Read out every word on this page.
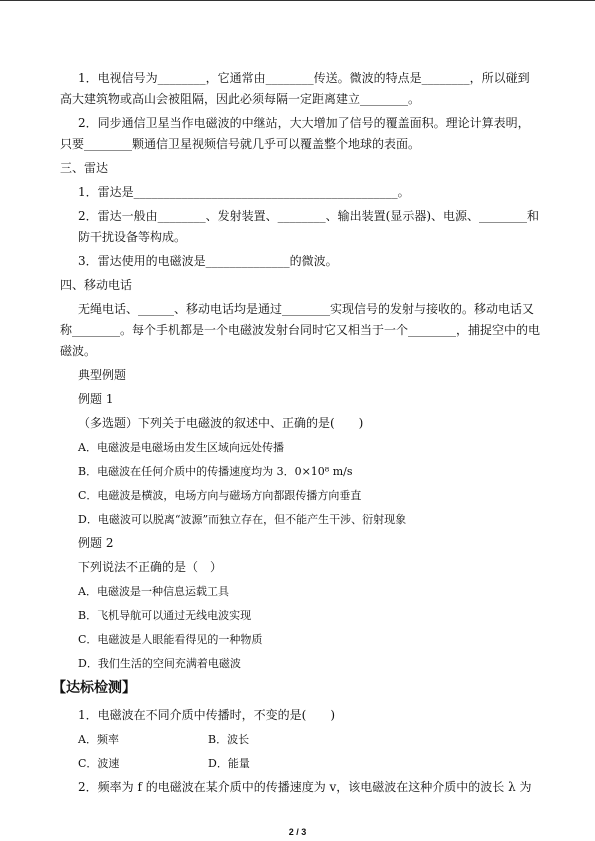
1．电视信号为________，它通常由________传送。微波的特点是________，所以碰到高大建筑物或高山会被阻隔，因此必须每隔一定距离建立________。
2．同步通信卫星当作电磁波的中继站，大大增加了信号的覆盖面积。理论计算表明，只要________颗通信卫星视频信号就几乎可以覆盖整个地球的表面。
三、雷达
1．雷达是____________________________________________。
2．雷达一般由________、发射装置、________、输出装置(显示器)、电源、________和防干扰设备等构成。
3．雷达使用的电磁波是______________的微波。
四、移动电话
无绳电话、______、移动电话均是通过________实现信号的发射与接收的。移动电话又称________。每个手机都是一个电磁波发射台同时它又相当于一个________，捕捉空中的电磁波。
典型例题
例题 1
（多选题）下列关于电磁波的叙述中、正确的是(　　)
A．电磁波是电磁场由发生区域向远处传播
B．电磁波在任何介质中的传播速度均为 3．0×10⁸ m/s
C．电磁波是横波，电场方向与磁场方向都跟传播方向垂直
D．电磁波可以脱离“波源”而独立存在，但不能产生干涉、衍射现象
例题 2
下列说法不正确的是（　）
A．电磁波是一种信息运载工具
B．飞机导航可以通过无线电波实现
C．电磁波是人眼能看得见的一种物质
D．我们生活的空间充满着电磁波
【达标检测】
1．电磁波在不同介质中传播时，不变的是(　　)
A．频率	B．波长
C．波速	D．能量
2．频率为 f 的电磁波在某介质中的传播速度为 v，该电磁波在这种介质中的波长 λ 为
2 / 3
